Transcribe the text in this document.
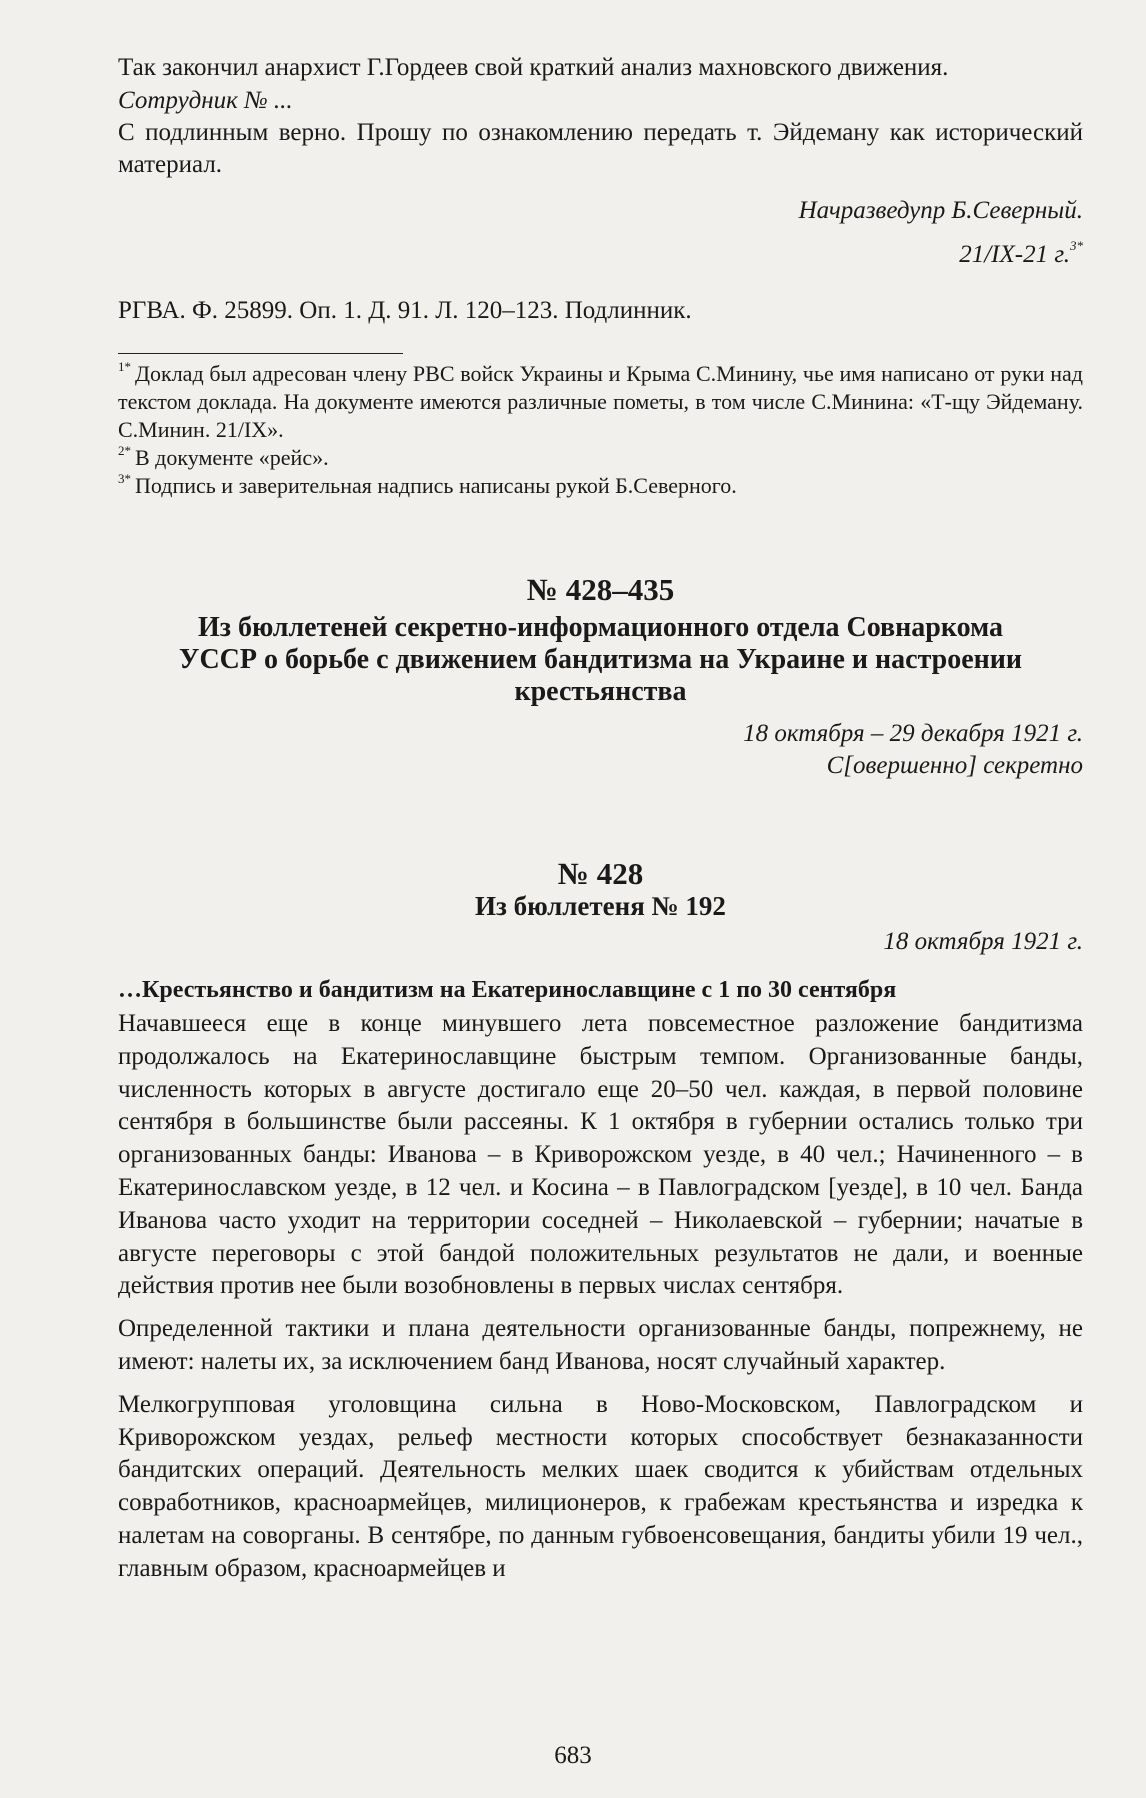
Так закончил анархист Г.Гордеев свой краткий анализ махновского движения.

Сотрудник № ...

С подлинным верно. Прошу по ознакомлению передать т. Эйдеману как исторический материал.

Начразведупр Б.Северный.

21/IX-21 г.$^{3*}$

РГВА. Ф. 25899. Оп. 1. Д. 91. Л. 120–123. Подлинник.

$^{1*}$ Доклад был адресован члену РВС войск Украины и Крыма С.Минину, чье имя написано от руки над текстом доклада. На документе имеются различные пометы, в том числе С.Минина: «Т-щу Эйдеману. С.Минин. 21/IX».

$^{2*}$ В документе «рейс».

$^{3*}$ Подпись и заверительная надпись написаны рукой Б.Северного.

№ 428–435

Из бюллетеней секретно-информационного отдела Совнаркома УССР о борьбе с движением бандитизма на Украине и настроении крестьянства

18 октября – 29 декабря 1921 г.

С[овершенно] секретно

№ 428

Из бюллетеня № 192

18 октября 1921 г.

…Крестьянство и бандитизм на Екатеринославщине с 1 по 30 сентября

Начавшееся еще в конце минувшего лета повсеместное разложение бандитизма продолжалось на Екатеринославщине быстрым темпом. Организованные банды, численность которых в августе достигало еще 20–50 чел. каждая, в первой половине сентября в большинстве были рассеяны. К 1 октября в губернии остались только три организованных банды: Иванова – в Криворожском уезде, в 40 чел.; Начиненного – в Екатеринославском уезде, в 12 чел. и Косина – в Павлоградском [уезде], в 10 чел. Банда Иванова часто уходит на территории соседней – Николаевской – губернии; начатые в августе переговоры с этой бандой положительных результатов не дали, и военные действия против нее были возобновлены в первых числах сентября.

Определенной тактики и плана деятельности организованные банды, попрежнему, не имеют: налеты их, за исключением банд Иванова, носят случайный характер.

Мелкогрупповая уголовщина сильна в Ново-Московском, Павлоградском и Криворожском уездах, рельеф местности которых способствует безнаказанности бандитских операций. Деятельность мелких шаек сводится к убийствам отдельных совработников, красноармейцев, милиционеров, к грабежам крестьянства и изредка к налетам на соворганы. В сентябре, по данным губвоенсовещания, бандиты убили 19 чел., главным образом, красноармейцев и

683
